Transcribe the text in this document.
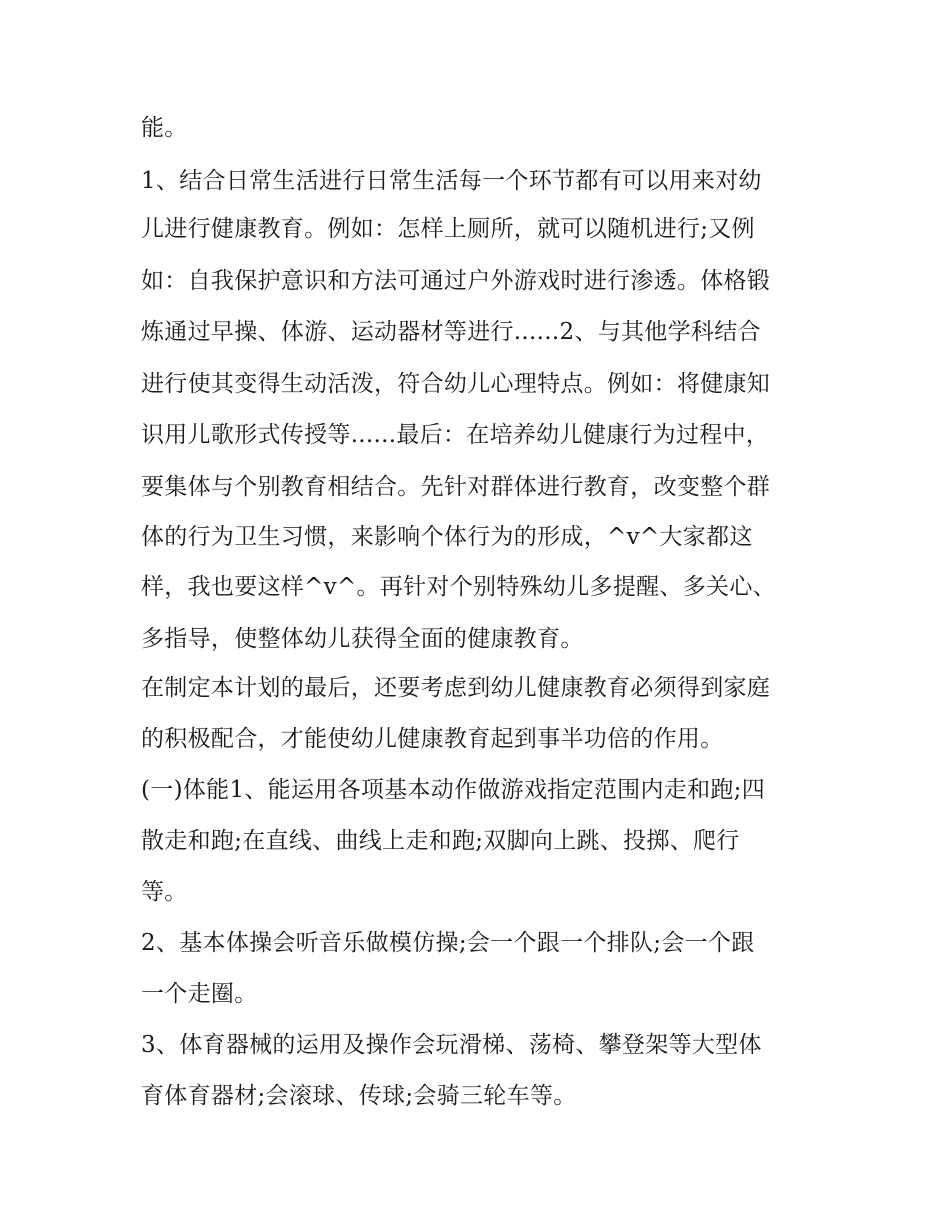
能。

1、结合日常生活进行日常生活每一个环节都有可以用来对幼

儿进行健康教育。例如：怎样上厕所，就可以随机进行;又例

如：自我保护意识和方法可通过户外游戏时进行渗透。体格锻

炼通过早操、体游、运动器材等进行......2、与其他学科结合

进行使其变得生动活泼，符合幼儿心理特点。例如：将健康知

识用儿歌形式传授等......最后：在培养幼儿健康行为过程中，

要集体与个别教育相结合。先针对群体进行教育，改变整个群

体的行为卫生习惯，来影响个体行为的形成，^v^大家都这

样，我也要这样^v^。再针对个别特殊幼儿多提醒、多关心、

多指导，使整体幼儿获得全面的健康教育。

在制定本计划的最后，还要考虑到幼儿健康教育必须得到家庭

的积极配合，才能使幼儿健康教育起到事半功倍的作用。

(一)体能1、能运用各项基本动作做游戏指定范围内走和跑;四

散走和跑;在直线、曲线上走和跑;双脚向上跳、投掷、爬行

等。

2、基本体操会听音乐做模仿操;会一个跟一个排队;会一个跟

一个走圈。

3、体育器械的运用及操作会玩滑梯、荡椅、攀登架等大型体

育体育器材;会滚球、传球;会骑三轮车等。
